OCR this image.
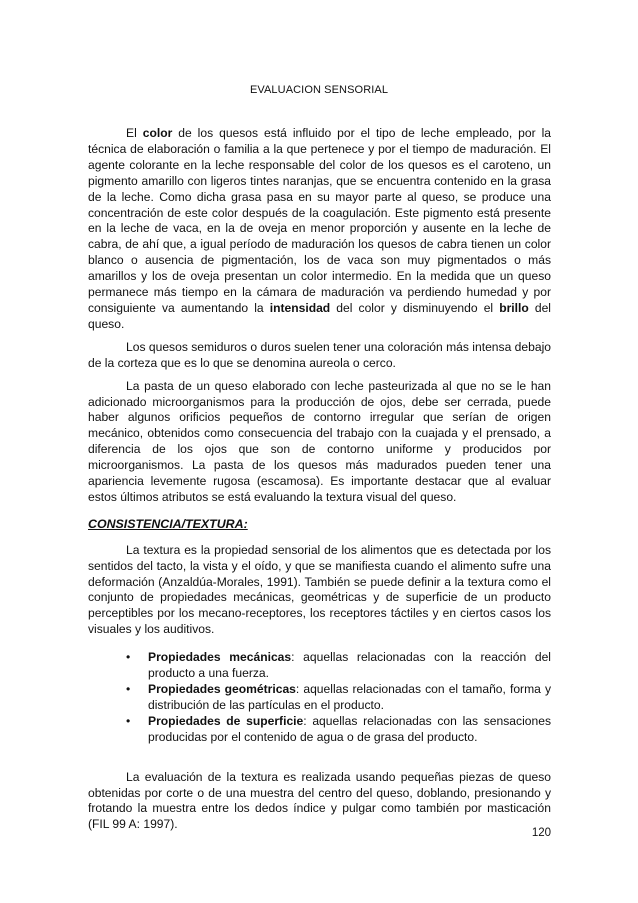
EVALUACION SENSORIAL

El color de los quesos está influido por el tipo de leche empleado, por la técnica de elaboración o familia a la que pertenece y por el tiempo de maduración. El agente colorante en la leche responsable del color de los quesos es el caroteno, un pigmento amarillo con ligeros tintes naranjas, que se encuentra contenido en la grasa de la leche. Como dicha grasa pasa en su mayor parte al queso, se produce una concentración de este color después de la coagulación. Este pigmento está presente en la leche de vaca, en la de oveja en menor proporción y ausente en la leche de cabra, de ahí que, a igual período de maduración los quesos de cabra tienen un color blanco o ausencia de pigmentación, los de vaca son muy pigmentados o más amarillos y los de oveja presentan un color intermedio. En la medida que un queso permanece más tiempo en la cámara de maduración va perdiendo humedad y por consiguiente va aumentando la intensidad del color y disminuyendo el brillo del queso.

Los quesos semiduros o duros suelen tener una coloración más intensa debajo de la corteza que es lo que se denomina aureola o cerco.

La pasta de un queso elaborado con leche pasteurizada al que no se le han adicionado microorganismos para la producción de ojos, debe ser cerrada, puede haber algunos orificios pequeños de contorno irregular que serían de origen mecánico, obtenidos como consecuencia del trabajo con la cuajada y el prensado, a diferencia de los ojos que son de contorno uniforme y producidos por microorganismos. La pasta de los quesos más madurados pueden tener una apariencia levemente rugosa (escamosa). Es importante destacar que al evaluar estos últimos atributos se está evaluando la textura visual del queso.

CONSISTENCIA/TEXTURA:

La textura es la propiedad sensorial de los alimentos que es detectada por los sentidos del tacto, la vista y el oído, y que se manifiesta cuando el alimento sufre una deformación (Anzaldúa-Morales, 1991). También se puede definir a la textura como el conjunto de propiedades mecánicas, geométricas y de superficie de un producto perceptibles por los mecano-receptores, los receptores táctiles y en ciertos casos los visuales y los auditivos.

• Propiedades mecánicas: aquellas relacionadas con la reacción del producto a una fuerza.
• Propiedades geométricas: aquellas relacionadas con el tamaño, forma y distribución de las partículas en el producto.
• Propiedades de superficie: aquellas relacionadas con las sensaciones producidas por el contenido de agua o de grasa del producto.

La evaluación de la textura es realizada usando pequeñas piezas de queso obtenidas por corte o de una muestra del centro del queso, doblando, presionando y frotando la muestra entre los dedos índice y pulgar como también por masticación (FIL 99 A: 1997).

120
